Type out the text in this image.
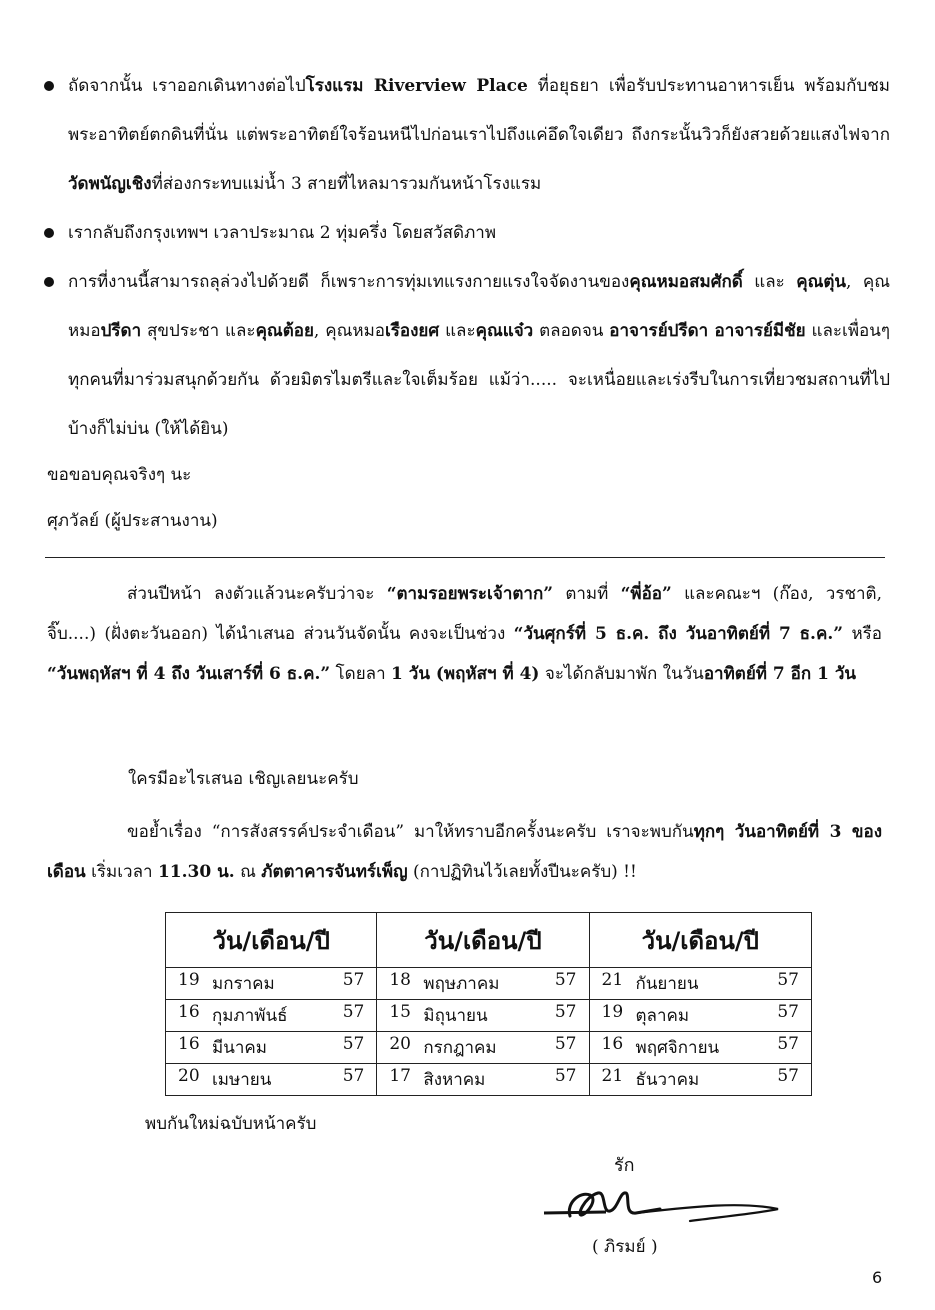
ถัดจากนั้น เราออกเดินทางต่อไปโรงแรม Riverview Place ที่อยุธยา เพื่อรับประทานอาหารเย็น พร้อมกับชมพระอาทิตย์ตกดินที่นั่น แต่พระอาทิตย์ใจร้อนหนีไปก่อนเราไปถึงแค่อึดใจเดียว ถึงกระนั้นวิวก็ยังสวยด้วยแสงไฟจากวัดพนัญเชิงที่ส่องกระทบแม่น้ำ 3 สายที่ไหลมารวมกันหน้าโรงแรม
เรากลับถึงกรุงเทพฯ เวลาประมาณ 2 ทุ่มครึ่ง โดยสวัสดิภาพ
การที่งานนี้สามารถลุล่วงไปด้วยดี ก็เพราะการทุ่มเทแรงกายแรงใจจัดงานของคุณหมอสมศักดิ์ และ คุณตุ่น, คุณหมอปรีดา สุขประชา และคุณต้อย, คุณหมอเรืองยศ และคุณแจ๋ว ตลอดจน อาจารย์ปรีดา อาจารย์มีชัย และเพื่อนๆ ทุกคนที่มาร่วมสนุกด้วยกัน ด้วยมิตรไมตรีและใจเต็มร้อย แม้ว่า..... จะเหนื่อยและเร่งรีบในการเที่ยวชมสถานที่ไปบ้างก็ไม่บ่น (ให้ได้ยิน)
ขอขอบคุณจริงๆ นะ
ศุภวัลย์ (ผู้ประสานงาน)

ส่วนปีหน้า ลงตัวแล้วนะครับว่าจะ “ตามรอยพระเจ้าตาก” ตามที่ “พี่อ้อ” และคณะฯ (ก๊อง, วรชาติ, จิ๊บ....) (ฝั่งตะวันออก) ได้นำเสนอ ส่วนวันจัดนั้น คงจะเป็นช่วง “วันศุกร์ที่ 5 ธ.ค. ถึง วันอาทิตย์ที่ 7 ธ.ค.” หรือ “วันพฤหัสฯ ที่ 4 ถึง วันเสาร์ที่ 6 ธ.ค.” โดยลา 1 วัน (พฤหัสฯ ที่ 4) จะได้กลับมาพัก ในวันอาทิตย์ที่ 7 อีก 1 วัน

ใครมีอะไรเสนอ เชิญเลยนะครับ

ขอย้ำเรื่อง “การสังสรรค์ประจำเดือน” มาให้ทราบอีกครั้งนะครับ เราจะพบกันทุกๆ วันอาทิตย์ที่ 3 ของเดือน เริ่มเวลา 11.30 น. ณ ภัตตาคารจันทร์เพ็ญ (กาปฏิทินไว้เลยทั้งปีนะครับ) !!

วัน/เดือน/ปี	วัน/เดือน/ปี	วัน/เดือน/ปี

19 มกราคม 57	18 พฤษภาคม 57	21 กันยายน 57

16 กุมภาพันธ์ 57	15 มิถุนายน 57	19 ตุลาคม 57

16 มีนาคม 57	20 กรกฎาคม 57	16 พฤศจิกายน 57

20 เมษายน 57	17 สิงหาคม 57	21 ธันวาคม 57
พบกันใหม่ฉบับหน้าครับ
รัก
( ภิรมย์ )
6
